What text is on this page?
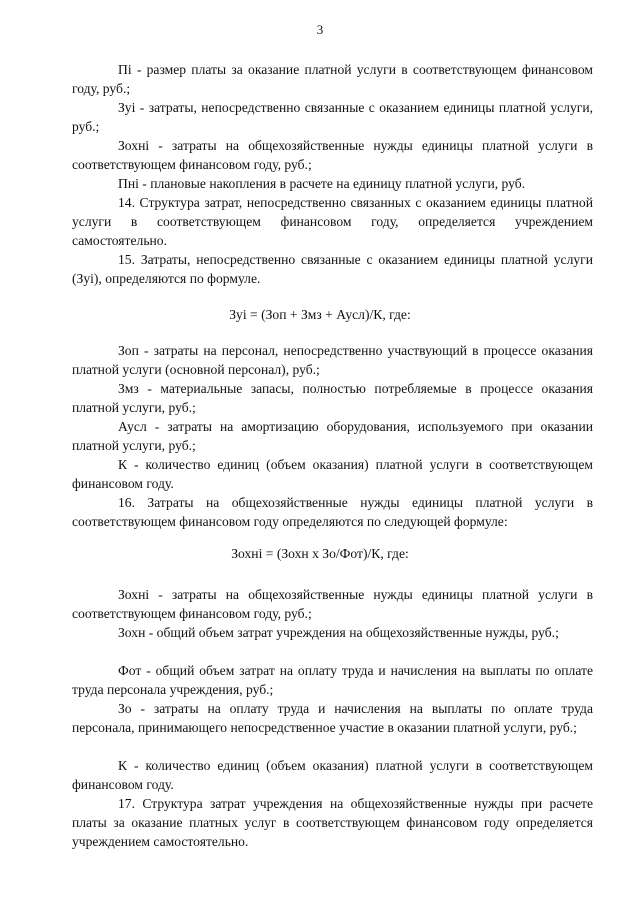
3
Пі - размер платы за оказание платной услуги в соответствующем финансовом году, руб.;
Зуі - затраты, непосредственно связанные с оказанием единицы платной услуги, руб.;
Зохні - затраты на общехозяйственные нужды единицы платной услуги в соответствующем финансовом году, руб.;
Пні - плановые накопления в расчете на единицу платной услуги, руб.
14. Структура затрат, непосредственно связанных с оказанием единицы платной услуги в соответствующем финансовом году, определяется учреждением самостоятельно.
15. Затраты, непосредственно связанные с оказанием единицы платной услуги (Зуі), определяются по формуле.
Зуі = (Зоп + Змз + Аусл)/К, где:
Зоп - затраты на персонал, непосредственно участвующий в процессе оказания платной услуги (основной персонал), руб.;
Змз - материальные запасы, полностью потребляемые в процессе оказания платной услуги, руб.;
Аусл - затраты на амортизацию оборудования, используемого при оказании платной услуги, руб.;
К - количество единиц (объем оказания) платной услуги в соответствующем финансовом году.
16. Затраты на общехозяйственные нужды единицы платной услуги в соответствующем финансовом году определяются по следующей формуле:
Зохні = (Зохн х Зо/Фот)/К, где:
Зохні - затраты на общехозяйственные нужды единицы платной услуги в соответствующем финансовом году, руб.;
Зохн - общий объем затрат учреждения на общехозяйственные нужды, руб.;
Фот - общий объем затрат на оплату труда и начисления на выплаты по оплате труда персонала учреждения, руб.;
Зо - затраты на оплату труда и начисления на выплаты по оплате труда персонала, принимающего непосредственное участие в оказании платной услуги, руб.;
К - количество единиц (объем оказания) платной услуги в соответствующем финансовом году.
17. Структура затрат учреждения на общехозяйственные нужды при расчете платы за оказание платных услуг в соответствующем финансовом году определяется учреждением самостоятельно.
